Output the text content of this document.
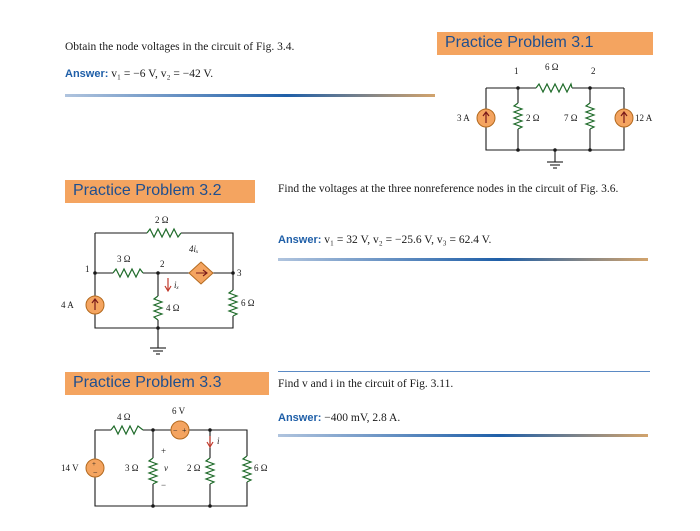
Practice Problem 3.1
Obtain the node voltages in the circuit of Fig. 3.4.
Answer: v₁ = −6 V, v₂ = −42 V.
6 Ω
1	2
3 A	2 Ω	7 Ω	12 A
Practice Problem 3.2	Find the voltages at the three nonreference nodes in the circuit of Fig. 3.6.
Answer: v₁ = 32 V, v₂ = −25.6 V, v₃ = 62.4 V.
2 Ω
3 Ω
4iₓ
1	2
3
4 A
iₓ
4 Ω	6 Ω
Practice Problem 3.3	Find v and i in the circuit of Fig. 3.11.
Answer: −400 mV, 2.8 A.
− +
+
−
4 Ω
6 V
14 V	3 Ω
+
v
−
2 Ω
i
6 Ω
